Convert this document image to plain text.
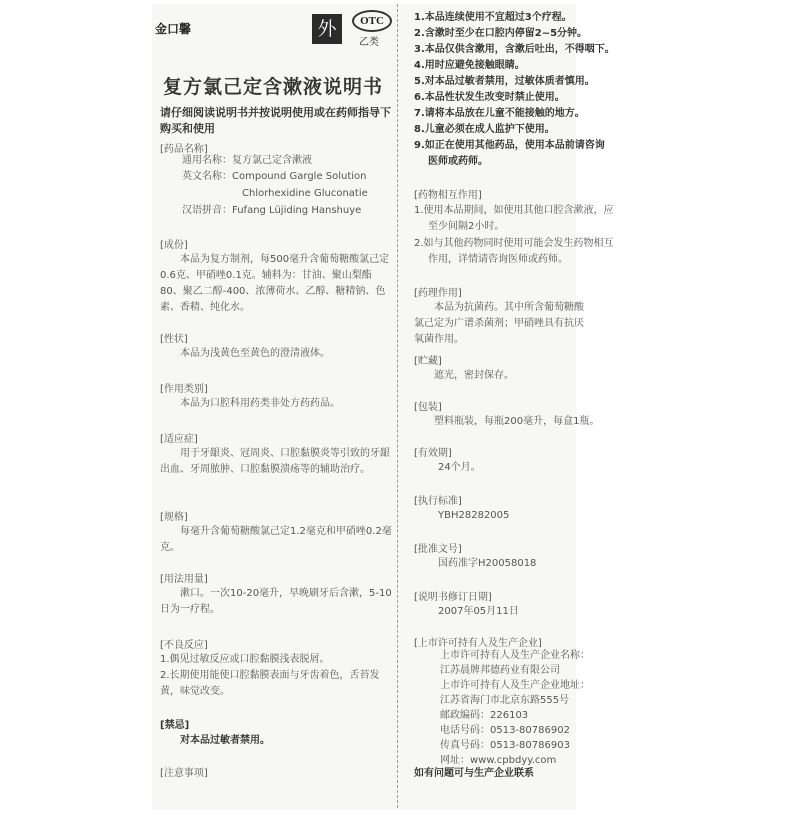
金口馨	外	OTC
乙类
复方氯己定含漱液说明书
请仔细阅读说明书并按说明使用或在药师指导下购买和使用
[药品名称]
通用名称：复方氯己定含漱液
英文名称：Compound Gargle Solution
Chlorhexidine Gluconatie
汉语拼音：Fufang Lüjiding Hanshuye
[成份]
本品为复方制剂，每500毫升含葡萄糖酸氯己定0.6克、甲硝唑0.1克。辅料为：甘油、聚山梨酯80、聚乙二醇-400、浓薄荷水、乙醇、糖精钠、色素、香精、纯化水。
[性状]
本品为浅黄色至黄色的澄清液体。
[作用类别]
本品为口腔科用药类非处方药药品。
[适应症]
用于牙龈炎、冠周炎、口腔黏膜炎等引致的牙龈出血、牙周脓肿、口腔黏膜溃疡等的辅助治疗。
[规格]
每毫升含葡萄糖酸氯己定1.2毫克和甲硝唑0.2毫克。
[用法用量]
漱口。一次10-20毫升，早晚刷牙后含漱，5-10日为一疗程。
[不良反应]
1.偶见过敏反应或口腔黏膜浅表脱屑。
2.长期使用能使口腔黏膜表面与牙齿着色，舌苔发黄，味觉改变。
[禁忌]
对本品过敏者禁用。
[注意事项]
1.本品连续使用不宜超过3个疗程。
2.含漱时至少在口腔内停留2~5分钟。
3.本品仅供含漱用，含漱后吐出，不得咽下。
4.用时应避免接触眼睛。
5.对本品过敏者禁用，过敏体质者慎用。
6.本品性状发生改变时禁止使用。
7.请将本品放在儿童不能接触的地方。
8.儿童必须在成人监护下使用。
9.如正在使用其他药品，使用本品前请咨询
医师或药师。
[药物相互作用]
1.使用本品期间，如使用其他口腔含漱液，应
至少间隔2小时。
2.如与其他药物同时使用可能会发生药物相互
作用，详情请咨询医师或药师。
[药理作用]
本品为抗菌药。其中所含葡萄糖酸氯己定为广谱杀菌剂；甲硝唑具有抗厌氧菌作用。
[贮藏]
遮光，密封保存。
[包装]
塑料瓶装，每瓶200毫升，每盒1瓶。
[有效期]
24个月。
[执行标准]
YBH28282005
[批准文号]
国药准字H20058018
[说明书修订日期]
2007年05月11日
[上市许可持有人及生产企业]
上市许可持有人及生产企业名称：
江苏晨牌邦德药业有限公司
上市许可持有人及生产企业地址：
江苏省海门市北京东路555号
邮政编码：226103
电话号码：0513-80786902
传真号码：0513-80786903
网址：www.cpbdyy.com
如有问题可与生产企业联系
